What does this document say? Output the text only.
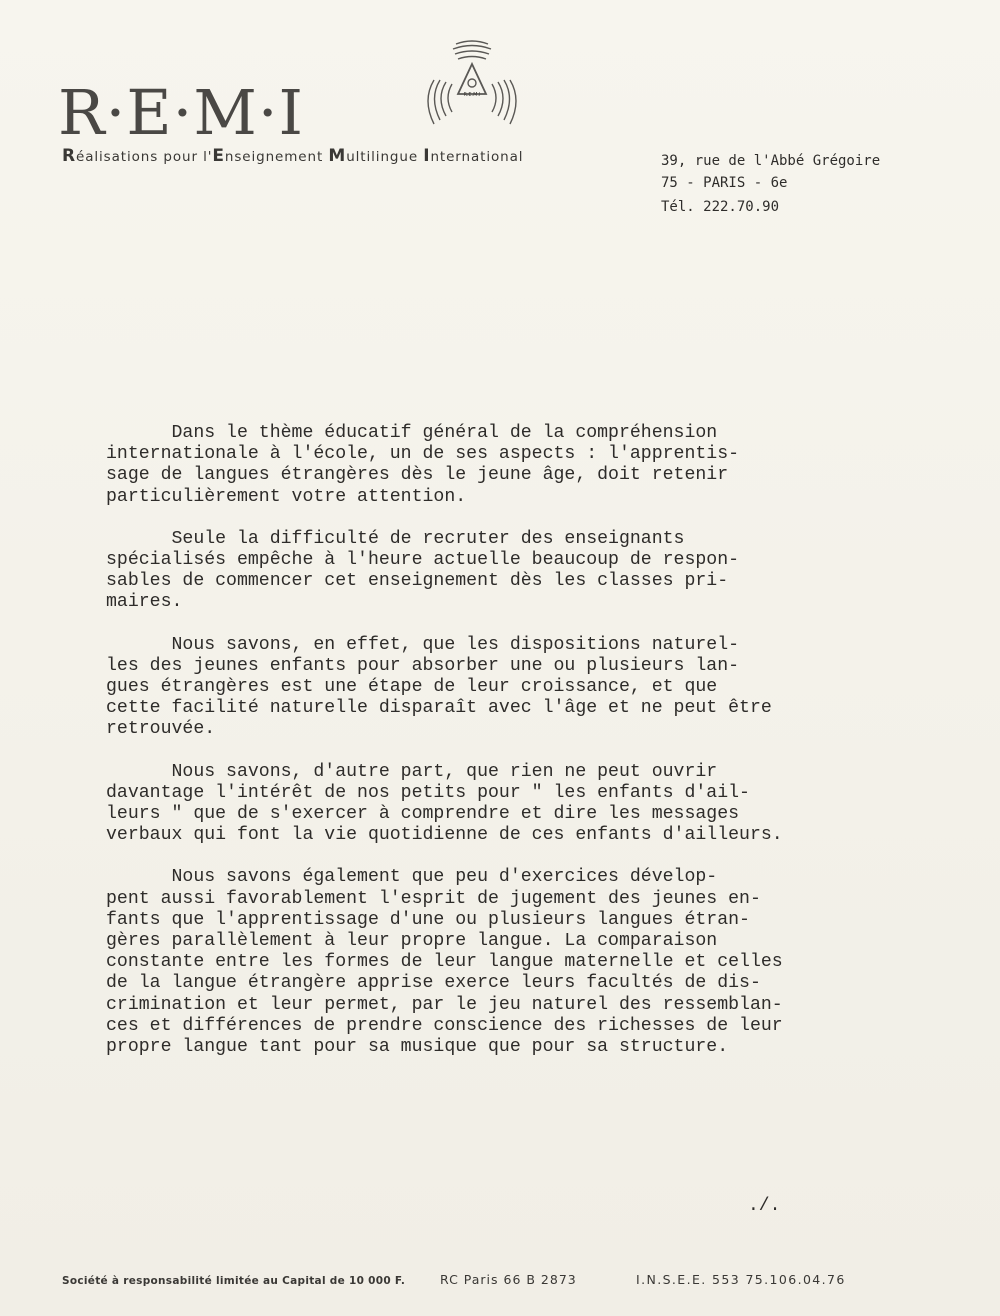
R·E·M·I	R.E.M.I
Réalisations pour l'Enseignement Multilingue International	39, rue de l'Abbé Grégoire
75 - PARIS - 6e
Tél. 222.70.90
Dans le thème éducatif général de la compréhension
internationale à l'école, un de ses aspects : l'apprentis-
sage de langues étrangères dès le jeune âge, doit retenir
particulièrement votre attention.
Seule la difficulté de recruter des enseignants
spécialisés empêche à l'heure actuelle beaucoup de respon-
sables de commencer cet enseignement dès les classes pri-
maires.
Nous savons, en effet, que les dispositions naturel-
les des jeunes enfants pour absorber une ou plusieurs lan-
gues étrangères est une étape de leur croissance, et que
cette facilité naturelle disparaît avec l'âge et ne peut être
retrouvée.
Nous savons, d'autre part, que rien ne peut ouvrir
davantage l'intérêt de nos petits pour " les enfants d'ail-
leurs " que de s'exercer à comprendre et dire les messages
verbaux qui font la vie quotidienne de ces enfants d'ailleurs.
Nous savons également que peu d'exercices dévelop-
pent aussi favorablement l'esprit de jugement des jeunes en-
fants que l'apprentissage d'une ou plusieurs langues étran-
gères parallèlement à leur propre langue. La comparaison
constante entre les formes de leur langue maternelle et celles
de la langue étrangère apprise exerce leurs facultés de dis-
crimination et leur permet, par le jeu naturel des ressemblan-
ces et différences de prendre conscience des richesses de leur
propre langue tant pour sa musique que pour sa structure.
./.
Société à responsabilité limitée au Capital de 10 000 F.	RC Paris 66 B 2873	I.N.S.E.E. 553 75.106.04.76
